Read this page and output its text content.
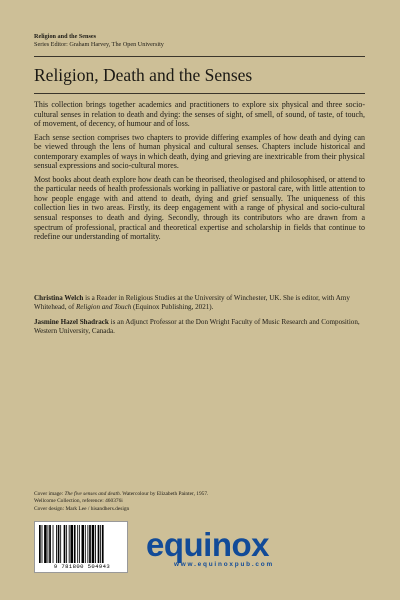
Religion and the Senses
Series Editor: Graham Harvey, The Open University
Religion, Death and the Senses

This collection brings together academics and practitioners to explore six physical and three socio-cultural senses in relation to death and dying: the senses of sight, of smell, of sound, of taste, of touch, of movement, of decency, of humour and of loss.

Each sense section comprises two chapters to provide differing examples of how death and dying can be viewed through the lens of human physical and cultural senses. Chapters include historical and contemporary examples of ways in which death, dying and grieving are inextricable from their physical sensual expressions and socio-cultural mores.

Most books about death explore how death can be theorised, theologised and philosophised, or attend to the particular needs of health professionals working in palliative or pastoral care, with little attention to how people engage with and attend to death, dying and grief sensually. The uniqueness of this collection lies in two areas. Firstly, its deep engagement with a range of physical and socio-cultural sensual responses to death and dying. Secondly, through its contributors who are drawn from a spectrum of professional, practical and theoretical expertise and scholarship in fields that continue to redefine our understanding of mortality.

Christina Welch is a Reader in Religious Studies at the University of Winchester, UK. She is editor, with Amy Whitehead, of Religion and Touch (Equinox Publishing, 2021).

Jasmine Hazel Shadrack is an Adjunct Professor at the Don Wright Faculty of Music Research and Composition, Western University, Canada.

Cover image: The five senses and death. Watercolour by Elizabeth Painter, 1957.
Wellcome Collection, reference: 460376i
Cover design: Mark Lee / hisandhers.design
9 781800 504943
equinox
www.equinoxpub.com
